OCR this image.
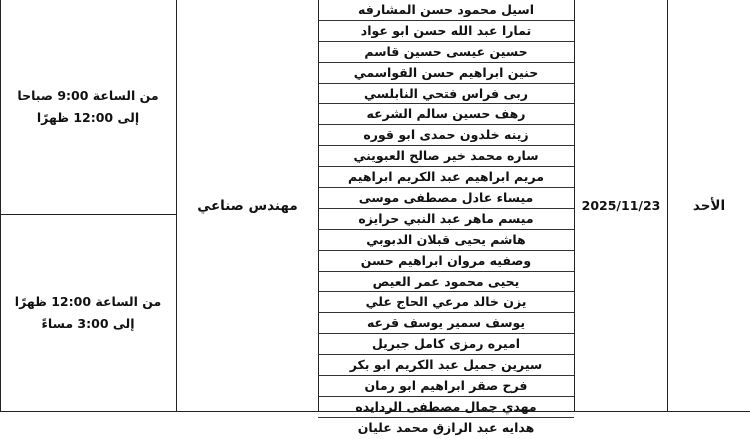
من الساعة 9:00 صباحا
إلى 12:00 ظهرًا
من الساعة 12:00 ظهرًا
إلى 3:00 مساءً
مهندس صناعي
اسيل محمود حسن المشارفه
تمارا عبد الله حسن ابو عواد
حسين عيسى حسين قاسم
حنين ابراهيم حسن القواسمي
ربى فراس فتحي النابلسي
رهف حسين سالم الشرعه
زينه خلدون حمدى ابو قوره
ساره محمد خير صالح العبويني
مريم ابراهيم عبد الكريم ابراهيم
ميساء عادل مصطفى موسى
ميسم ماهر عبد النبي حرايزه
هاشم يحيى قبلان الدبوبي
وصفيه مروان ابراهيم حسن
يحيى محمود عمر العيص
يزن خالد مرعي الحاج علي
يوسف سمير يوسف قرعه
اميره رمزى كامل جبريل
سيرين جميل عبد الكريم ابو بكر
فرح صقر ابراهيم ابو رمان
مهدي جمال مصطفى الردايده
هدايه عبد الرازق محمد عليان
2025/11/23	الأحد
